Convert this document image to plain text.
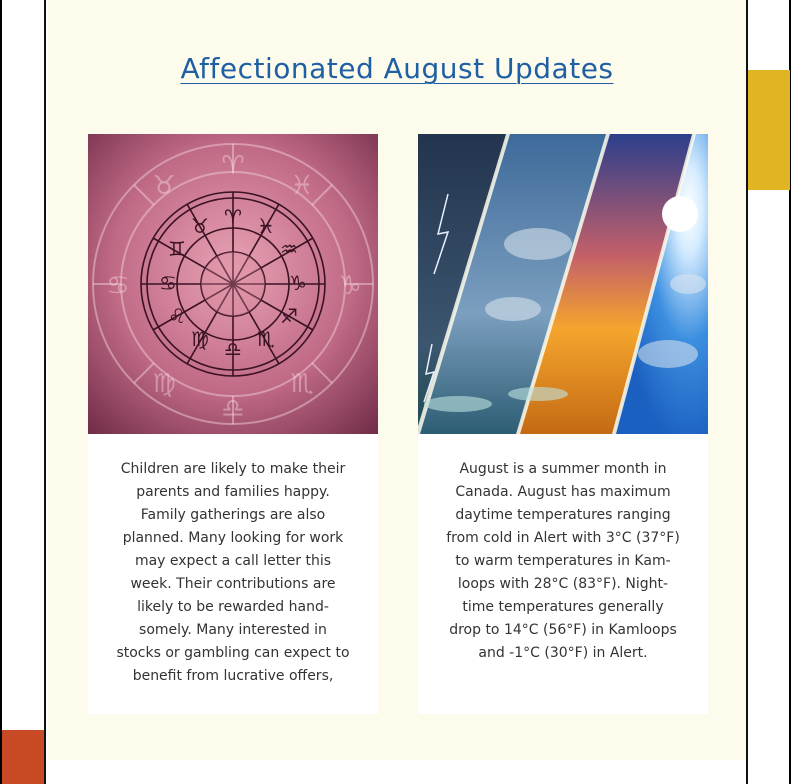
Affectionated August Updates
♈ ♓
♒
♑
♐
♏
♎
♍
♌
♋
♊
♉
♈
♓
♑
♏
♎
♍
♋
♉

Children are likely to make their parents and families happy. Family gatherings are also planned. Many looking for work may expect a call letter this week. Their contributions are likely to be rewarded hand-somely. Many interested in stocks or gambling can expect to benefit from lucrative offers,

August is a summer month in Canada. August has maximum daytime temperatures ranging from cold in Alert with 3°C (37°F) to warm temperatures in Kam-loops with 28°C (83°F). Night-time temperatures generally drop to 14°C (56°F) in Kamloops and -1°C (30°F) in Alert.
